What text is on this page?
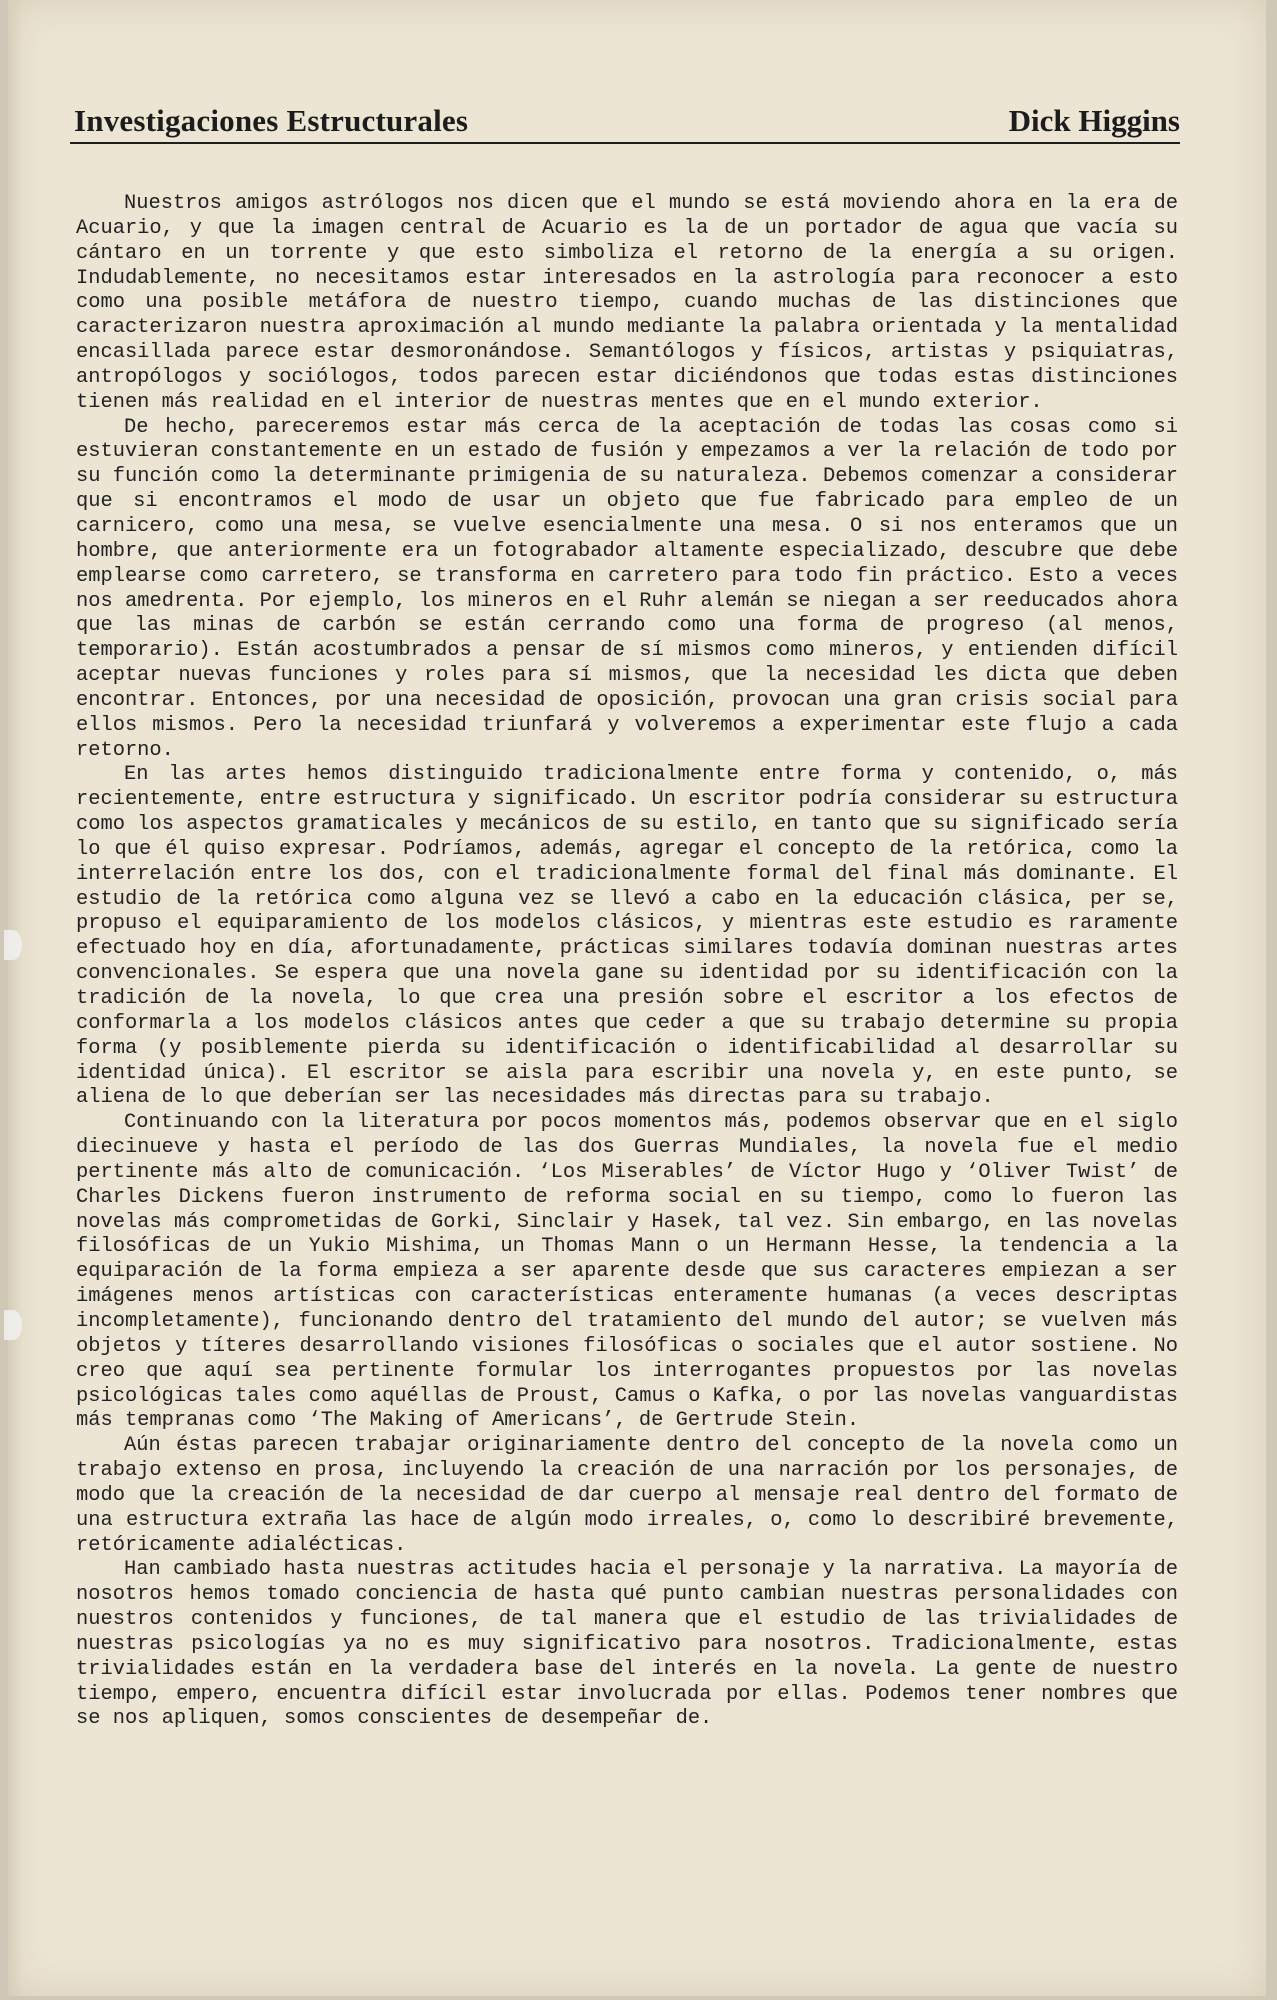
Investigaciones Estructurales	Dick Higgins

Nuestros amigos astrólogos nos dicen que el mundo se está moviendo ahora en la era de Acuario, y que la imagen central de Acuario es la de un portador de agua que vacía su cántaro en un torrente y que esto simboliza el retorno de la energía a su origen. Indudablemente, no necesitamos estar interesados en la astrología para reconocer a esto como una posible metáfora de nuestro tiempo, cuando muchas de las distinciones que caracterizaron nuestra aproximación al mundo mediante la palabra orientada y la mentalidad encasillada parece estar desmoronándose. Semantólogos y físicos, artistas y psiquiatras, antropólogos y sociólogos, todos parecen estar diciéndonos que todas estas distinciones tienen más realidad en el interior de nuestras mentes que en el mundo exterior.

De hecho, pareceremos estar más cerca de la aceptación de todas las cosas como si estuvieran constantemente en un estado de fusión y empezamos a ver la relación de todo por su función como la determinante primigenia de su naturaleza. Debemos comenzar a considerar que si encontramos el modo de usar un objeto que fue fabricado para empleo de un carnicero, como una mesa, se vuelve esencialmente una mesa. O si nos enteramos que un hombre, que anteriormente era un fotograbador altamente especializado, descubre que debe emplearse como carretero, se transforma en carretero para todo fin práctico. Esto a veces nos amedrenta. Por ejemplo, los mineros en el Ruhr alemán se niegan a ser reeducados ahora que las minas de carbón se están cerrando como una forma de progreso (al menos, temporario). Están acostumbrados a pensar de sí mismos como mineros, y entienden difícil aceptar nuevas funciones y roles para sí mismos, que la necesidad les dicta que deben encontrar. Entonces, por una necesidad de oposición, provocan una gran crisis social para ellos mismos. Pero la necesidad triunfará y volveremos a experimentar este flujo a cada retorno.

En las artes hemos distinguido tradicionalmente entre forma y contenido, o, más recientemente, entre estructura y significado. Un escritor podría considerar su estructura como los aspectos gramaticales y mecánicos de su estilo, en tanto que su significado sería lo que él quiso expresar. Podríamos, además, agregar el concepto de la retórica, como la interrelación entre los dos, con el tradicionalmente formal del final más dominante. El estudio de la retórica como alguna vez se llevó a cabo en la educación clásica, per se, propuso el equiparamiento de los modelos clásicos, y mientras este estudio es raramente efectuado hoy en día, afortunadamente, prácticas similares todavía dominan nuestras artes convencionales. Se espera que una novela gane su identidad por su identificación con la tradición de la novela, lo que crea una presión sobre el escritor a los efectos de conformarla a los modelos clásicos antes que ceder a que su trabajo determine su propia forma (y posiblemente pierda su identificación o identificabilidad al desarrollar su identidad única). El escritor se aisla para escribir una novela y, en este punto, se aliena de lo que deberían ser las necesidades más directas para su trabajo.

Continuando con la literatura por pocos momentos más, podemos observar que en el siglo diecinueve y hasta el período de las dos Guerras Mundiales, la novela fue el medio pertinente más alto de comunicación. ‘Los Miserables’ de Víctor Hugo y ‘Oliver Twist’ de Charles Dickens fueron instrumento de reforma social en su tiempo, como lo fueron las novelas más comprometidas de Gorki, Sinclair y Hasek, tal vez. Sin embargo, en las novelas filosóficas de un Yukio Mishima, un Thomas Mann o un Hermann Hesse, la tendencia a la equiparación de la forma empieza a ser aparente desde que sus caracteres empiezan a ser imágenes menos artísticas con características enteramente humanas (a veces descriptas incompletamente), funcionando dentro del tratamiento del mundo del autor; se vuelven más objetos y títeres desarrollando visiones filosóficas o sociales que el autor sostiene. No creo que aquí sea pertinente formular los interrogantes propuestos por las novelas psicológicas tales como aquéllas de Proust, Camus o Kafka, o por las novelas vanguardistas más tempranas como ‘The Making of Americans’, de Gertrude Stein.

Aún éstas parecen trabajar originariamente dentro del concepto de la novela como un trabajo extenso en prosa, incluyendo la creación de una narración por los personajes, de modo que la creación de la necesidad de dar cuerpo al mensaje real dentro del formato de una estructura extraña las hace de algún modo irreales, o, como lo describiré brevemente, retóricamente adialécticas.

Han cambiado hasta nuestras actitudes hacia el personaje y la narrativa. La mayoría de nosotros hemos tomado conciencia de hasta qué punto cambian nuestras personalidades con nuestros contenidos y funciones, de tal manera que el estudio de las trivialidades de nuestras psicologías ya no es muy significativo para nosotros. Tradicionalmente, estas trivialidades están en la verdadera base del interés en la novela. La gente de nuestro tiempo, empero, encuentra difícil estar involucrada por ellas. Podemos tener nombres que se nos apliquen, somos conscientes de desempeñar de.
